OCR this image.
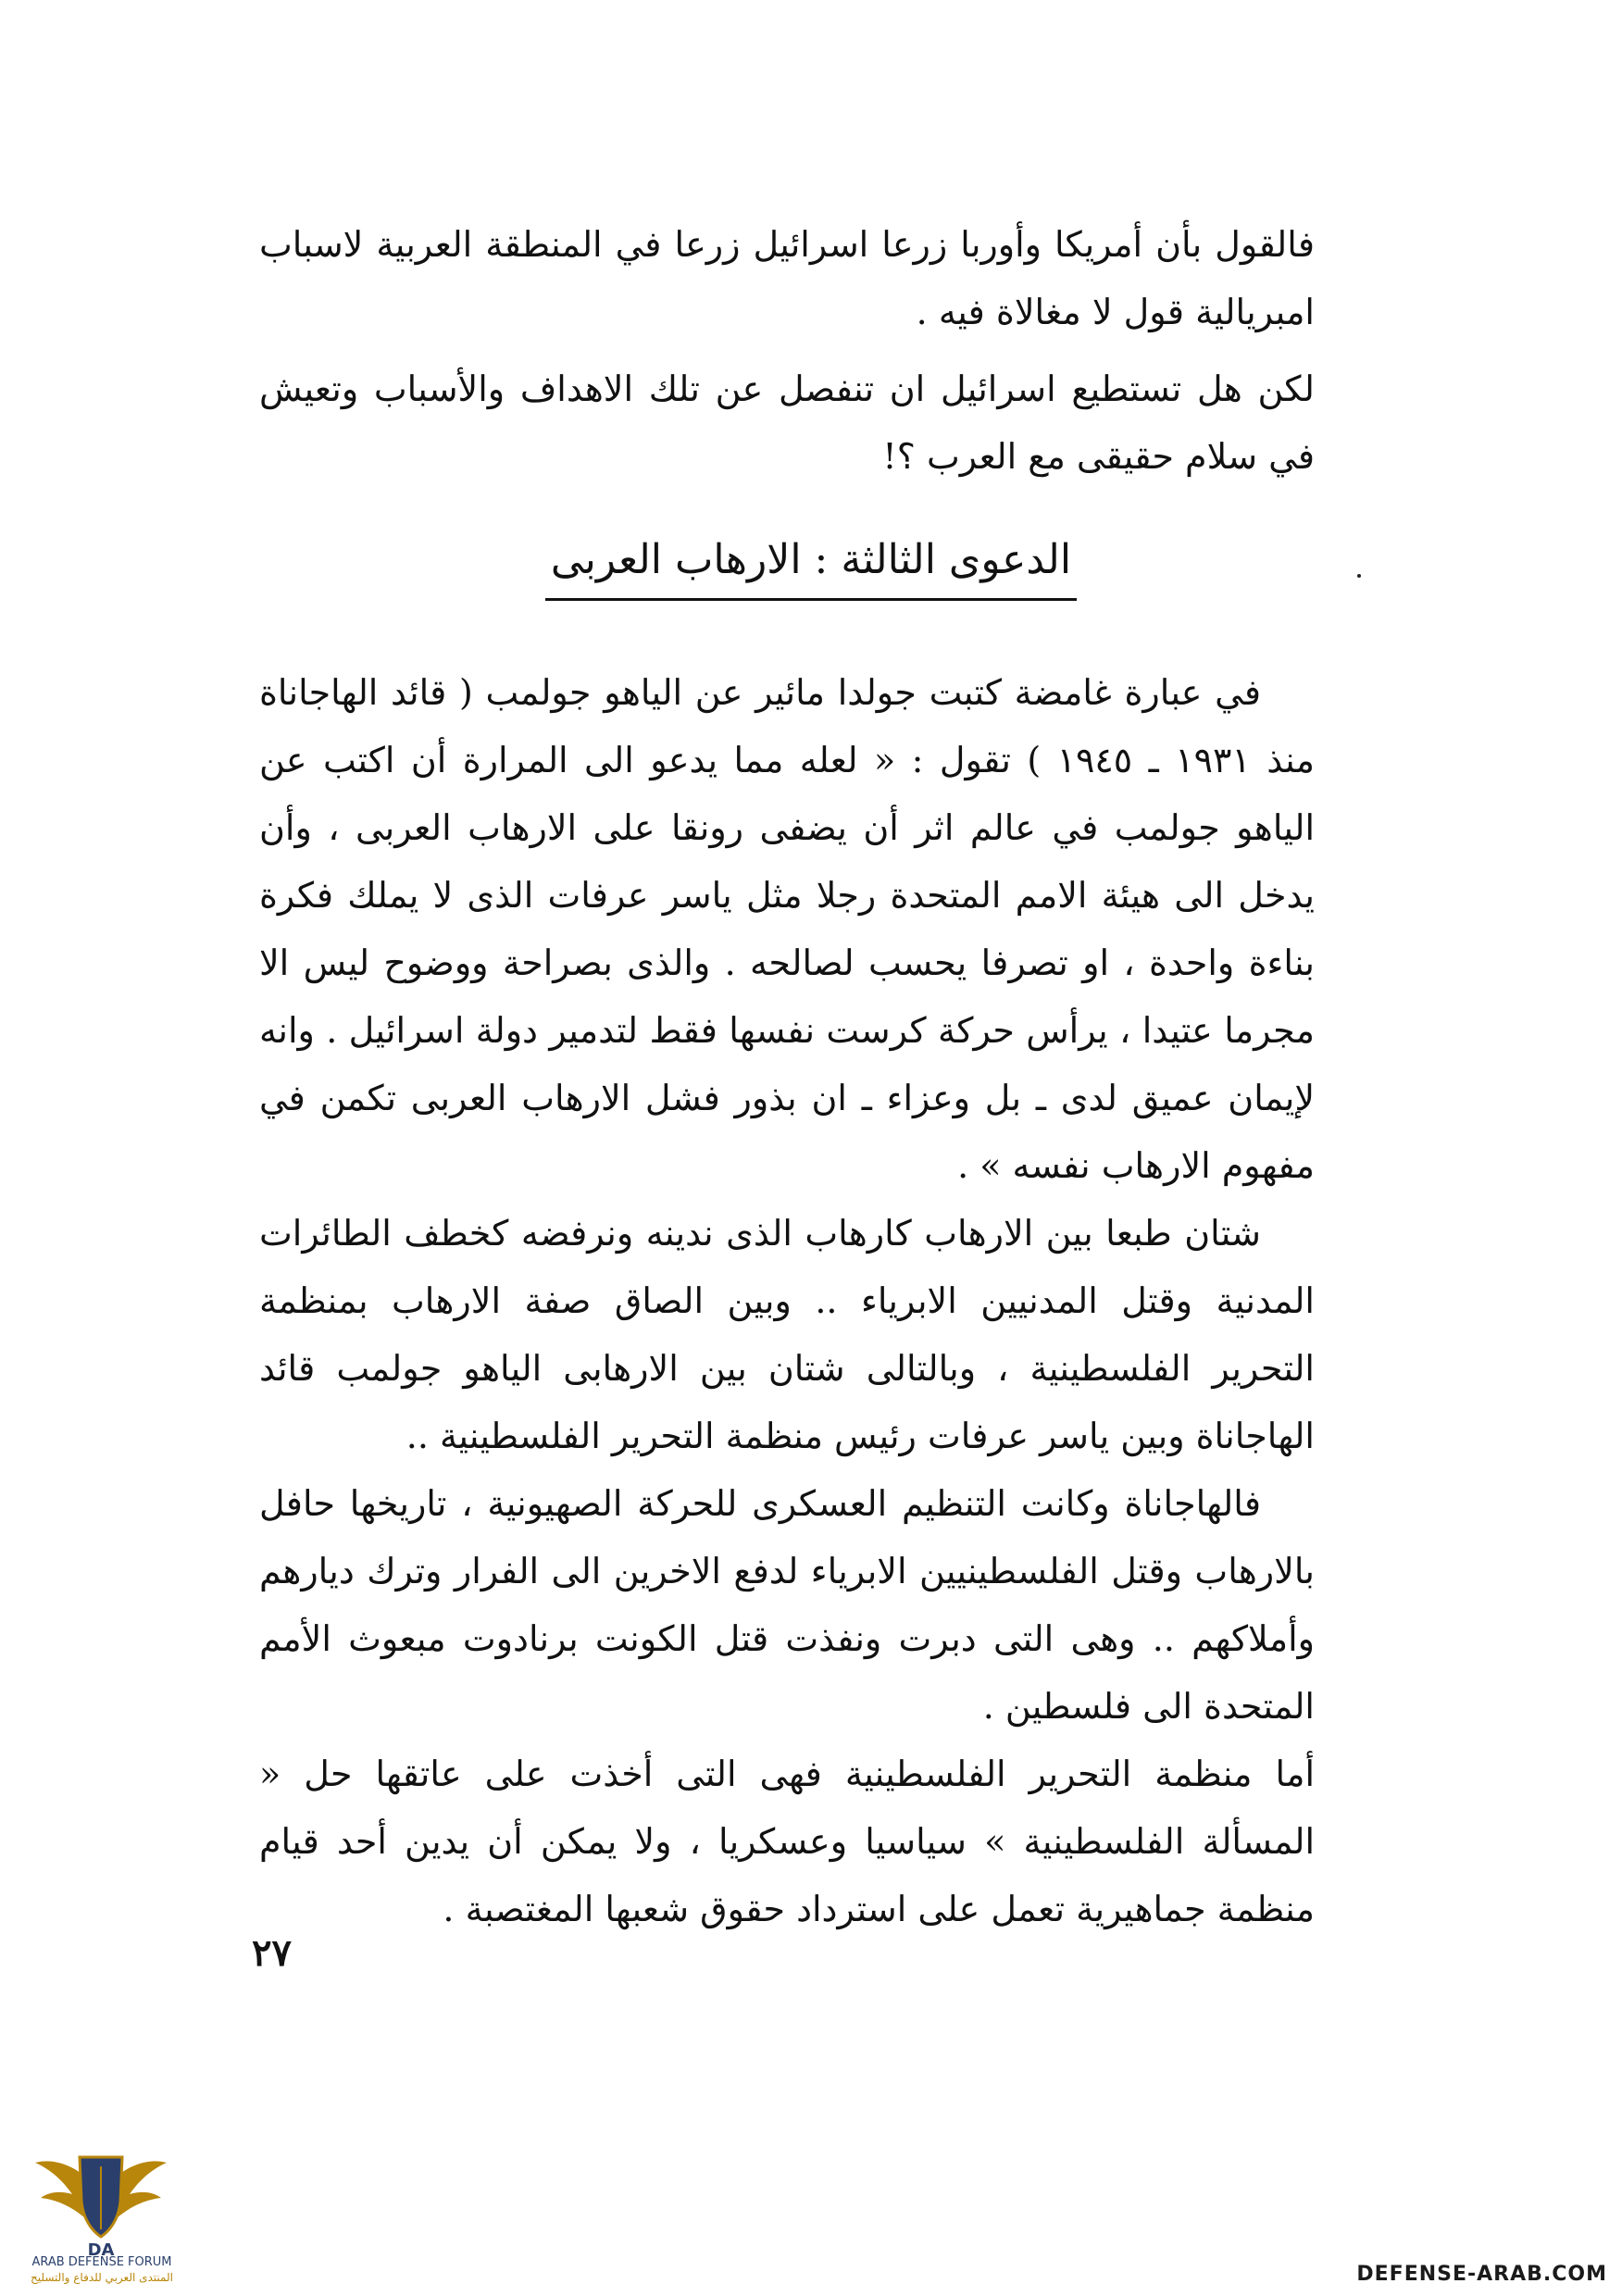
فالقول بأن أمريكا وأوربا زرعا اسرائيل زرعا في المنطقة العربية لاسباب امبريالية قول لا مغالاة فيه .

لكن هل تستطيع اسرائيل ان تنفصل عن تلك الاهداف والأسباب وتعيش في سلام حقيقى مع العرب ؟!

الدعوى الثالثة : الارهاب العربى

في عبارة غامضة كتبت جولدا مائير عن الياهو جولمب ( قائد الهاجاناة منذ ١٩٣١ ـ ١٩٤٥ ) تقول : « لعله مما يدعو الى المرارة أن اكتب عن الياهو جولمب في عالم اثر أن يضفى رونقا على الارهاب العربى ، وأن يدخل الى هيئة الامم المتحدة رجلا مثل ياسر عرفات الذى لا يملك فكرة بناءة واحدة ، او تصرفا يحسب لصالحه . والذى بصراحة ووضوح ليس الا مجرما عتيدا ، يرأس حركة كرست نفسها فقط لتدمير دولة اسرائيل . وانه لإيمان عميق لدى ـ بل وعزاء ـ ان بذور فشل الارهاب العربى تكمن في مفهوم الارهاب نفسه » .

شتان طبعا بين الارهاب كارهاب الذى ندينه ونرفضه كخطف الطائرات المدنية وقتل المدنيين الابرياء .. وبين الصاق صفة الارهاب بمنظمة التحرير الفلسطينية ، وبالتالى شتان بين الارهابى الياهو جولمب قائد الهاجاناة وبين ياسر عرفات رئيس منظمة التحرير الفلسطينية ..

فالهاجاناة وكانت التنظيم العسكرى للحركة الصهيونية ، تاريخها حافل بالارهاب وقتل الفلسطينيين الابرياء لدفع الاخرين الى الفرار وترك ديارهم وأملاكهم .. وهى التى دبرت ونفذت قتل الكونت برنادوت مبعوث الأمم المتحدة الى فلسطين .

أما منظمة التحرير الفلسطينية فهى التى أخذت على عاتقها حل « المسألة الفلسطينية » سياسيا وعسكريا ، ولا يمكن أن يدين أحد قيام منظمة جماهيرية تعمل على استرداد حقوق شعبها المغتصبة .

٢٧
DA
ARAB DEFENSE FORUM
المنتدى العربي للدفاع والتسليح	DEFENSE-ARAB.COM
